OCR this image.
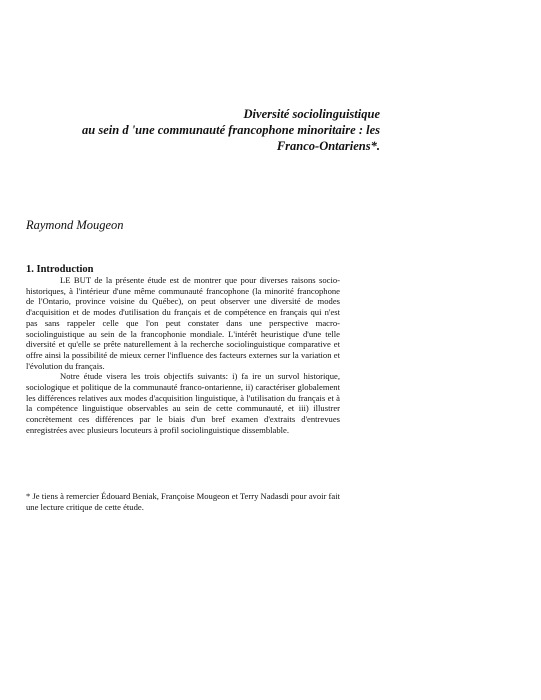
Diversité sociolinguistique
au sein d 'une communauté francophone minoritaire : les
Franco-Ontariens*.
Raymond Mougeon
1. Introduction

LE BUT de la présente étude est de montrer que pour diverses raisons socio-historiques, à l'intérieur d'une même communauté francophone (la minorité francophone de l'Ontario, province voisine du Québec), on peut observer une diversité de modes d'acquisition et de modes d'utilisation du français et de compétence en français qui n'est pas sans rappeler celle que l'on peut constater dans une perspective macro-sociolinguistique au sein de la francophonie mondiale. L'intérêt heuristique d'une telle diversité et qu'elle se prête naturellement à la recherche sociolinguistique comparative et offre ainsi la possibilité de mieux cerner l'influence des facteurs externes sur la variation et l'évolution du français.

Notre étude visera les trois objectifs suivants: i) fa ire un survol historique, sociologique et politique de la communauté franco-ontarienne, ii) caractériser globalement les différences relatives aux modes d'acquisition linguistique, à l'utilisation du français et à la compétence linguistique observables au sein de cette communauté, et iii) illustrer concrètement ces différences par le biais d'un bref examen d'extraits d'entrevues enregistrées avec plusieurs locuteurs à profil sociolinguistique dissemblable.

* Je tiens à remercier Édouard Beniak, Françoise Mougeon et Terry Nadasdi pour avoir fait une lecture critique de cette étude.
